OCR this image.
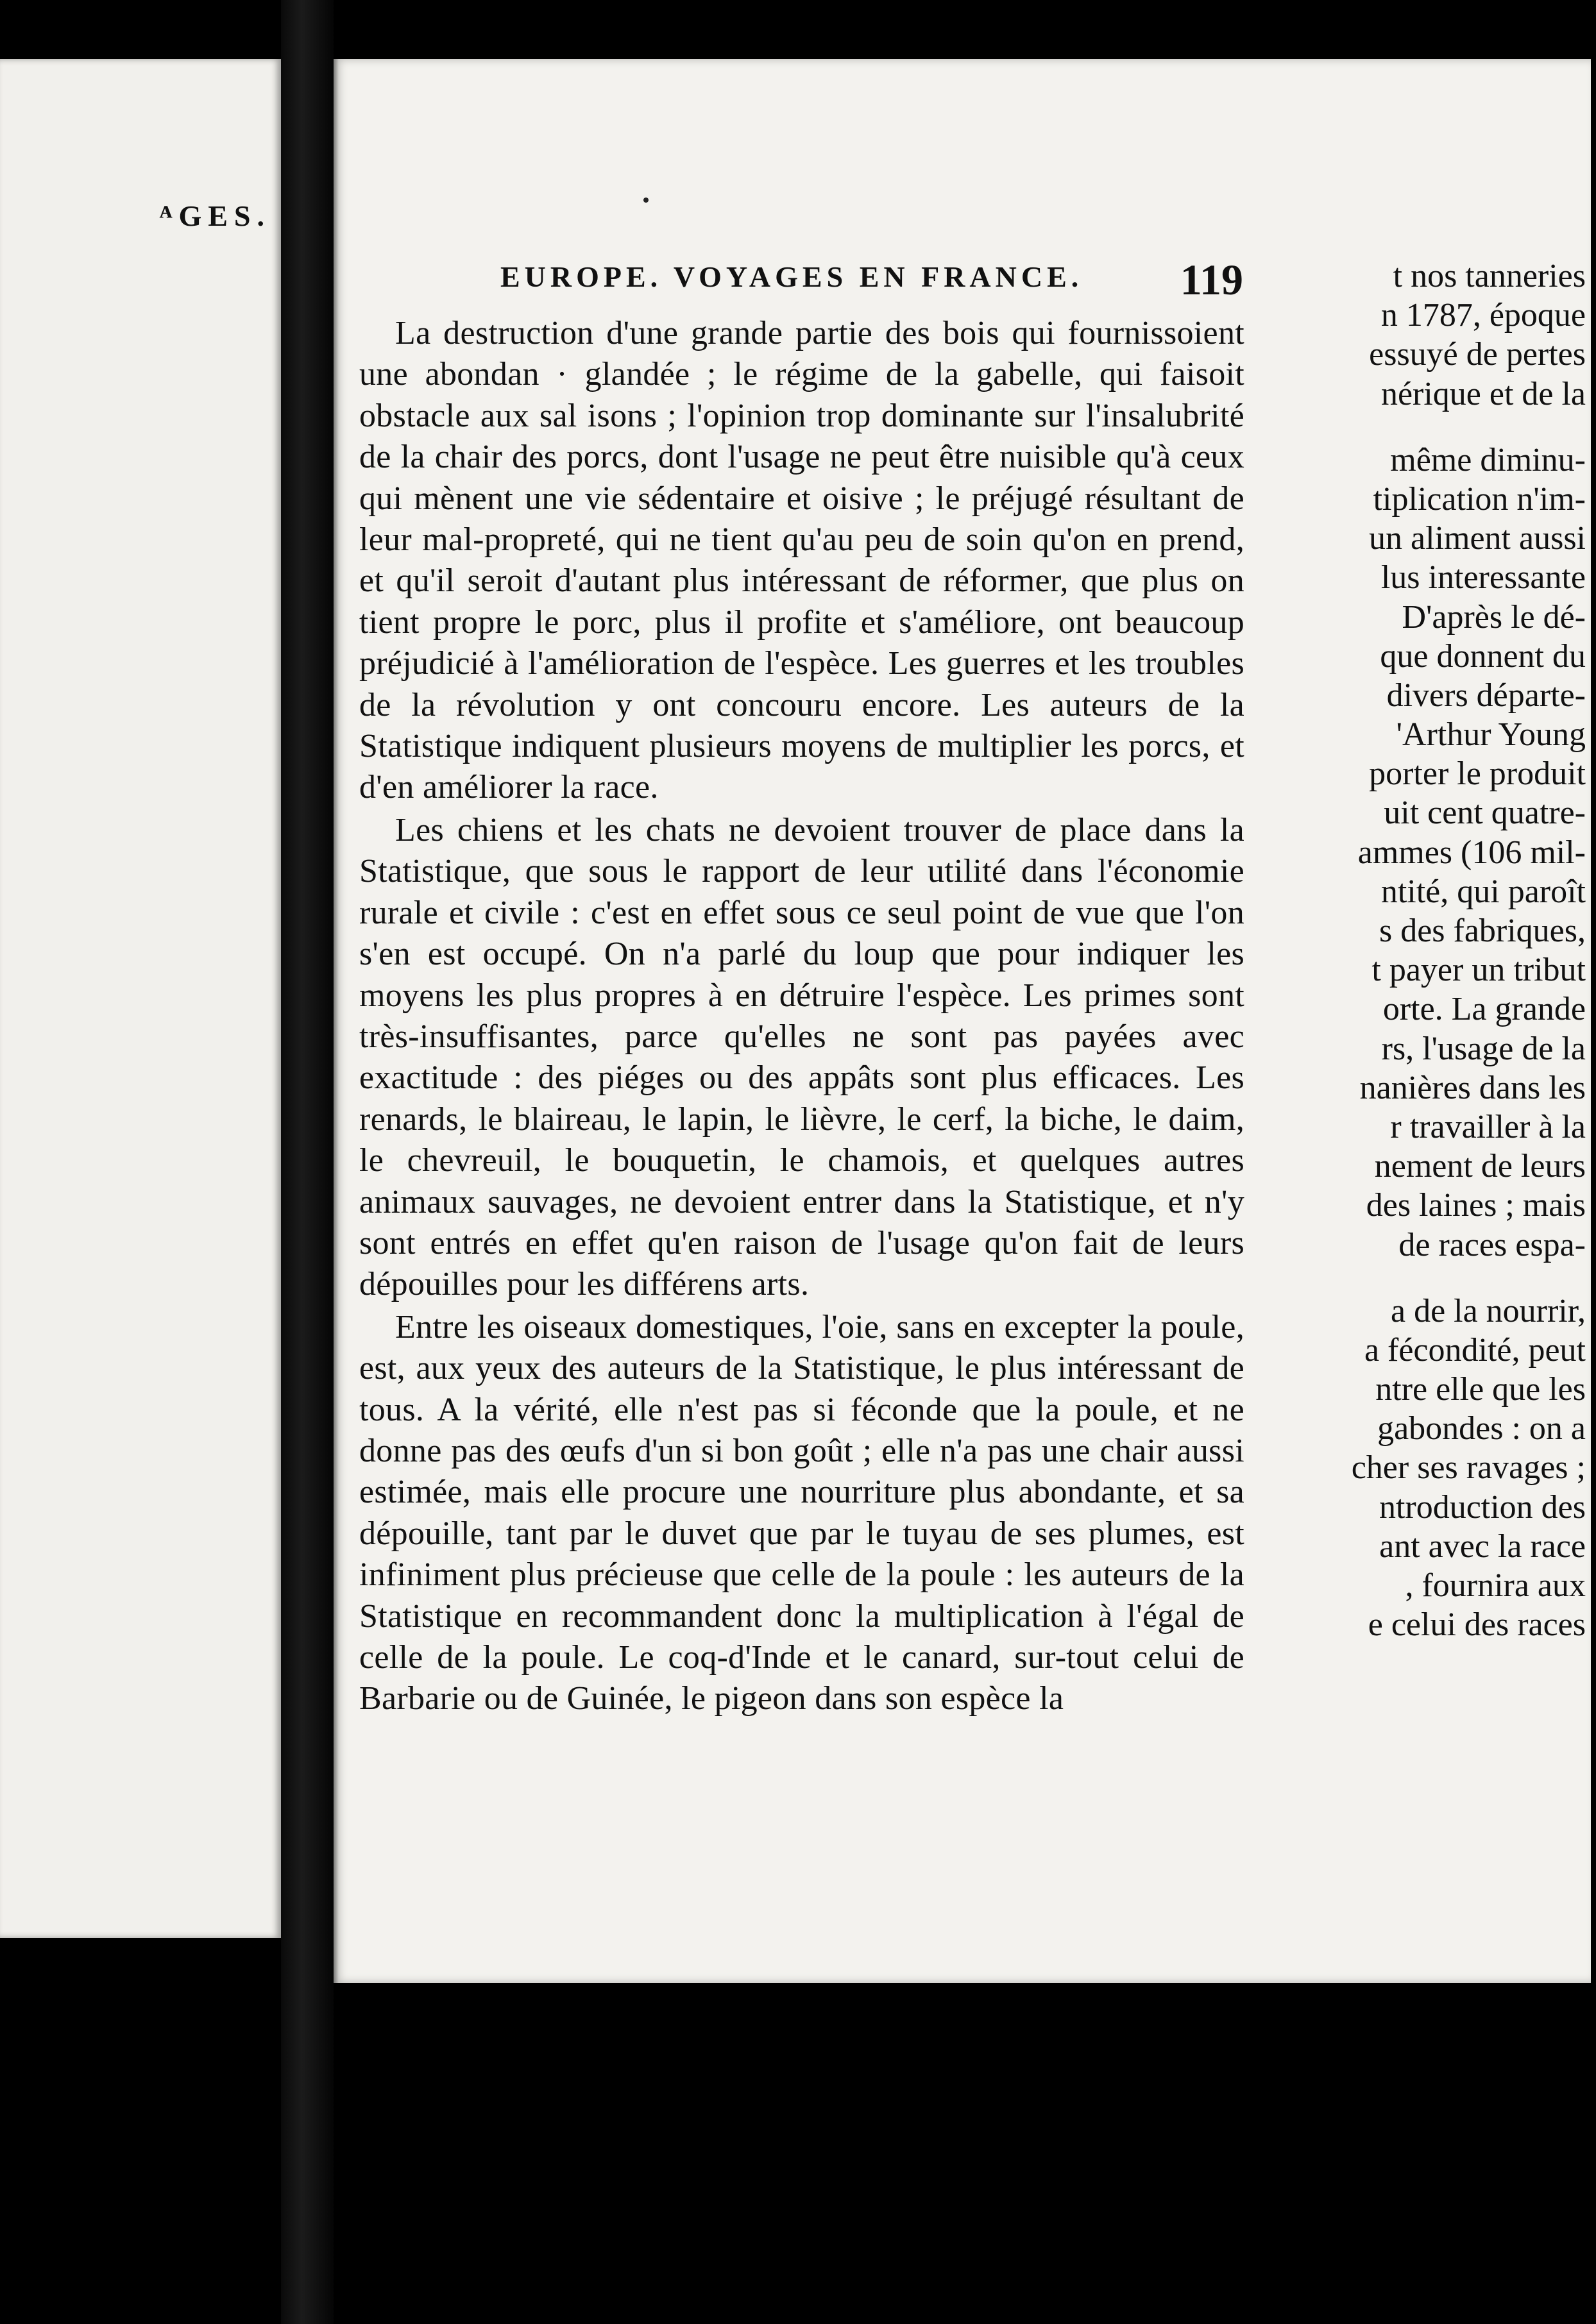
ᴬGES.
t nos tanneries
n 1787, époque
essuyé de pertes
nérique et de la
même diminu-
tiplication n'im-
un aliment aussi
lus interessante
D'après le dé-
que donnent du
divers départe-
'Arthur Young
porter le produit
uit cent quatre-
ammes (106 mil-
ntité, qui paroît
s des fabriques,
t payer un tribut
orte. La grande
rs, l'usage de la
nanières dans les
r travailler à la
nement de leurs
des laines ; mais
de races espa-
a de la nourrir,
a fécondité, peut
ntre elle que les
gabondes : on a
cher ses ravages ;
ntroduction des
ant avec la race
, fournira aux
e celui des races
EUROPE. VOYAGES EN FRANCE. 119

La destruction d'une grande partie des bois qui fournissoient une abondan · glandée ; le régime de la gabelle, qui faisoit obstacle aux sal isons ; l'opinion trop dominante sur l'insalubrité de la chair des porcs, dont l'usage ne peut être nuisible qu'à ceux qui mènent une vie sédentaire et oisive ; le préjugé résultant de leur mal-propreté, qui ne tient qu'au peu de soin qu'on en prend, et qu'il seroit d'autant plus intéressant de réformer, que plus on tient propre le porc, plus il profite et s'améliore, ont beaucoup préjudicié à l'amélioration de l'espèce. Les guerres et les troubles de la révolution y ont concouru encore. Les auteurs de la Statistique indiquent plusieurs moyens de multiplier les porcs, et d'en améliorer la race.

Les chiens et les chats ne devoient trouver de place dans la Statistique, que sous le rapport de leur utilité dans l'économie rurale et civile : c'est en effet sous ce seul point de vue que l'on s'en est occupé. On n'a parlé du loup que pour indiquer les moyens les plus propres à en détruire l'espèce. Les primes sont très-insuffisantes, parce qu'elles ne sont pas payées avec exactitude : des piéges ou des appâts sont plus efficaces. Les renards, le blaireau, le lapin, le lièvre, le cerf, la biche, le daim, le chevreuil, le bouquetin, le chamois, et quelques autres animaux sauvages, ne devoient entrer dans la Statistique, et n'y sont entrés en effet qu'en raison de l'usage qu'on fait de leurs dépouilles pour les différens arts.

Entre les oiseaux domestiques, l'oie, sans en excepter la poule, est, aux yeux des auteurs de la Statistique, le plus intéressant de tous. A la vérité, elle n'est pas si féconde que la poule, et ne donne pas des œufs d'un si bon goût ; elle n'a pas une chair aussi estimée, mais elle procure une nourriture plus abondante, et sa dépouille, tant par le duvet que par le tuyau de ses plumes, est infiniment plus précieuse que celle de la poule : les auteurs de la Statistique en recommandent donc la multiplication à l'égal de celle de la poule. Le coq-d'Inde et le canard, sur-tout celui de Barbarie ou de Guinée, le pigeon dans son espèce la
